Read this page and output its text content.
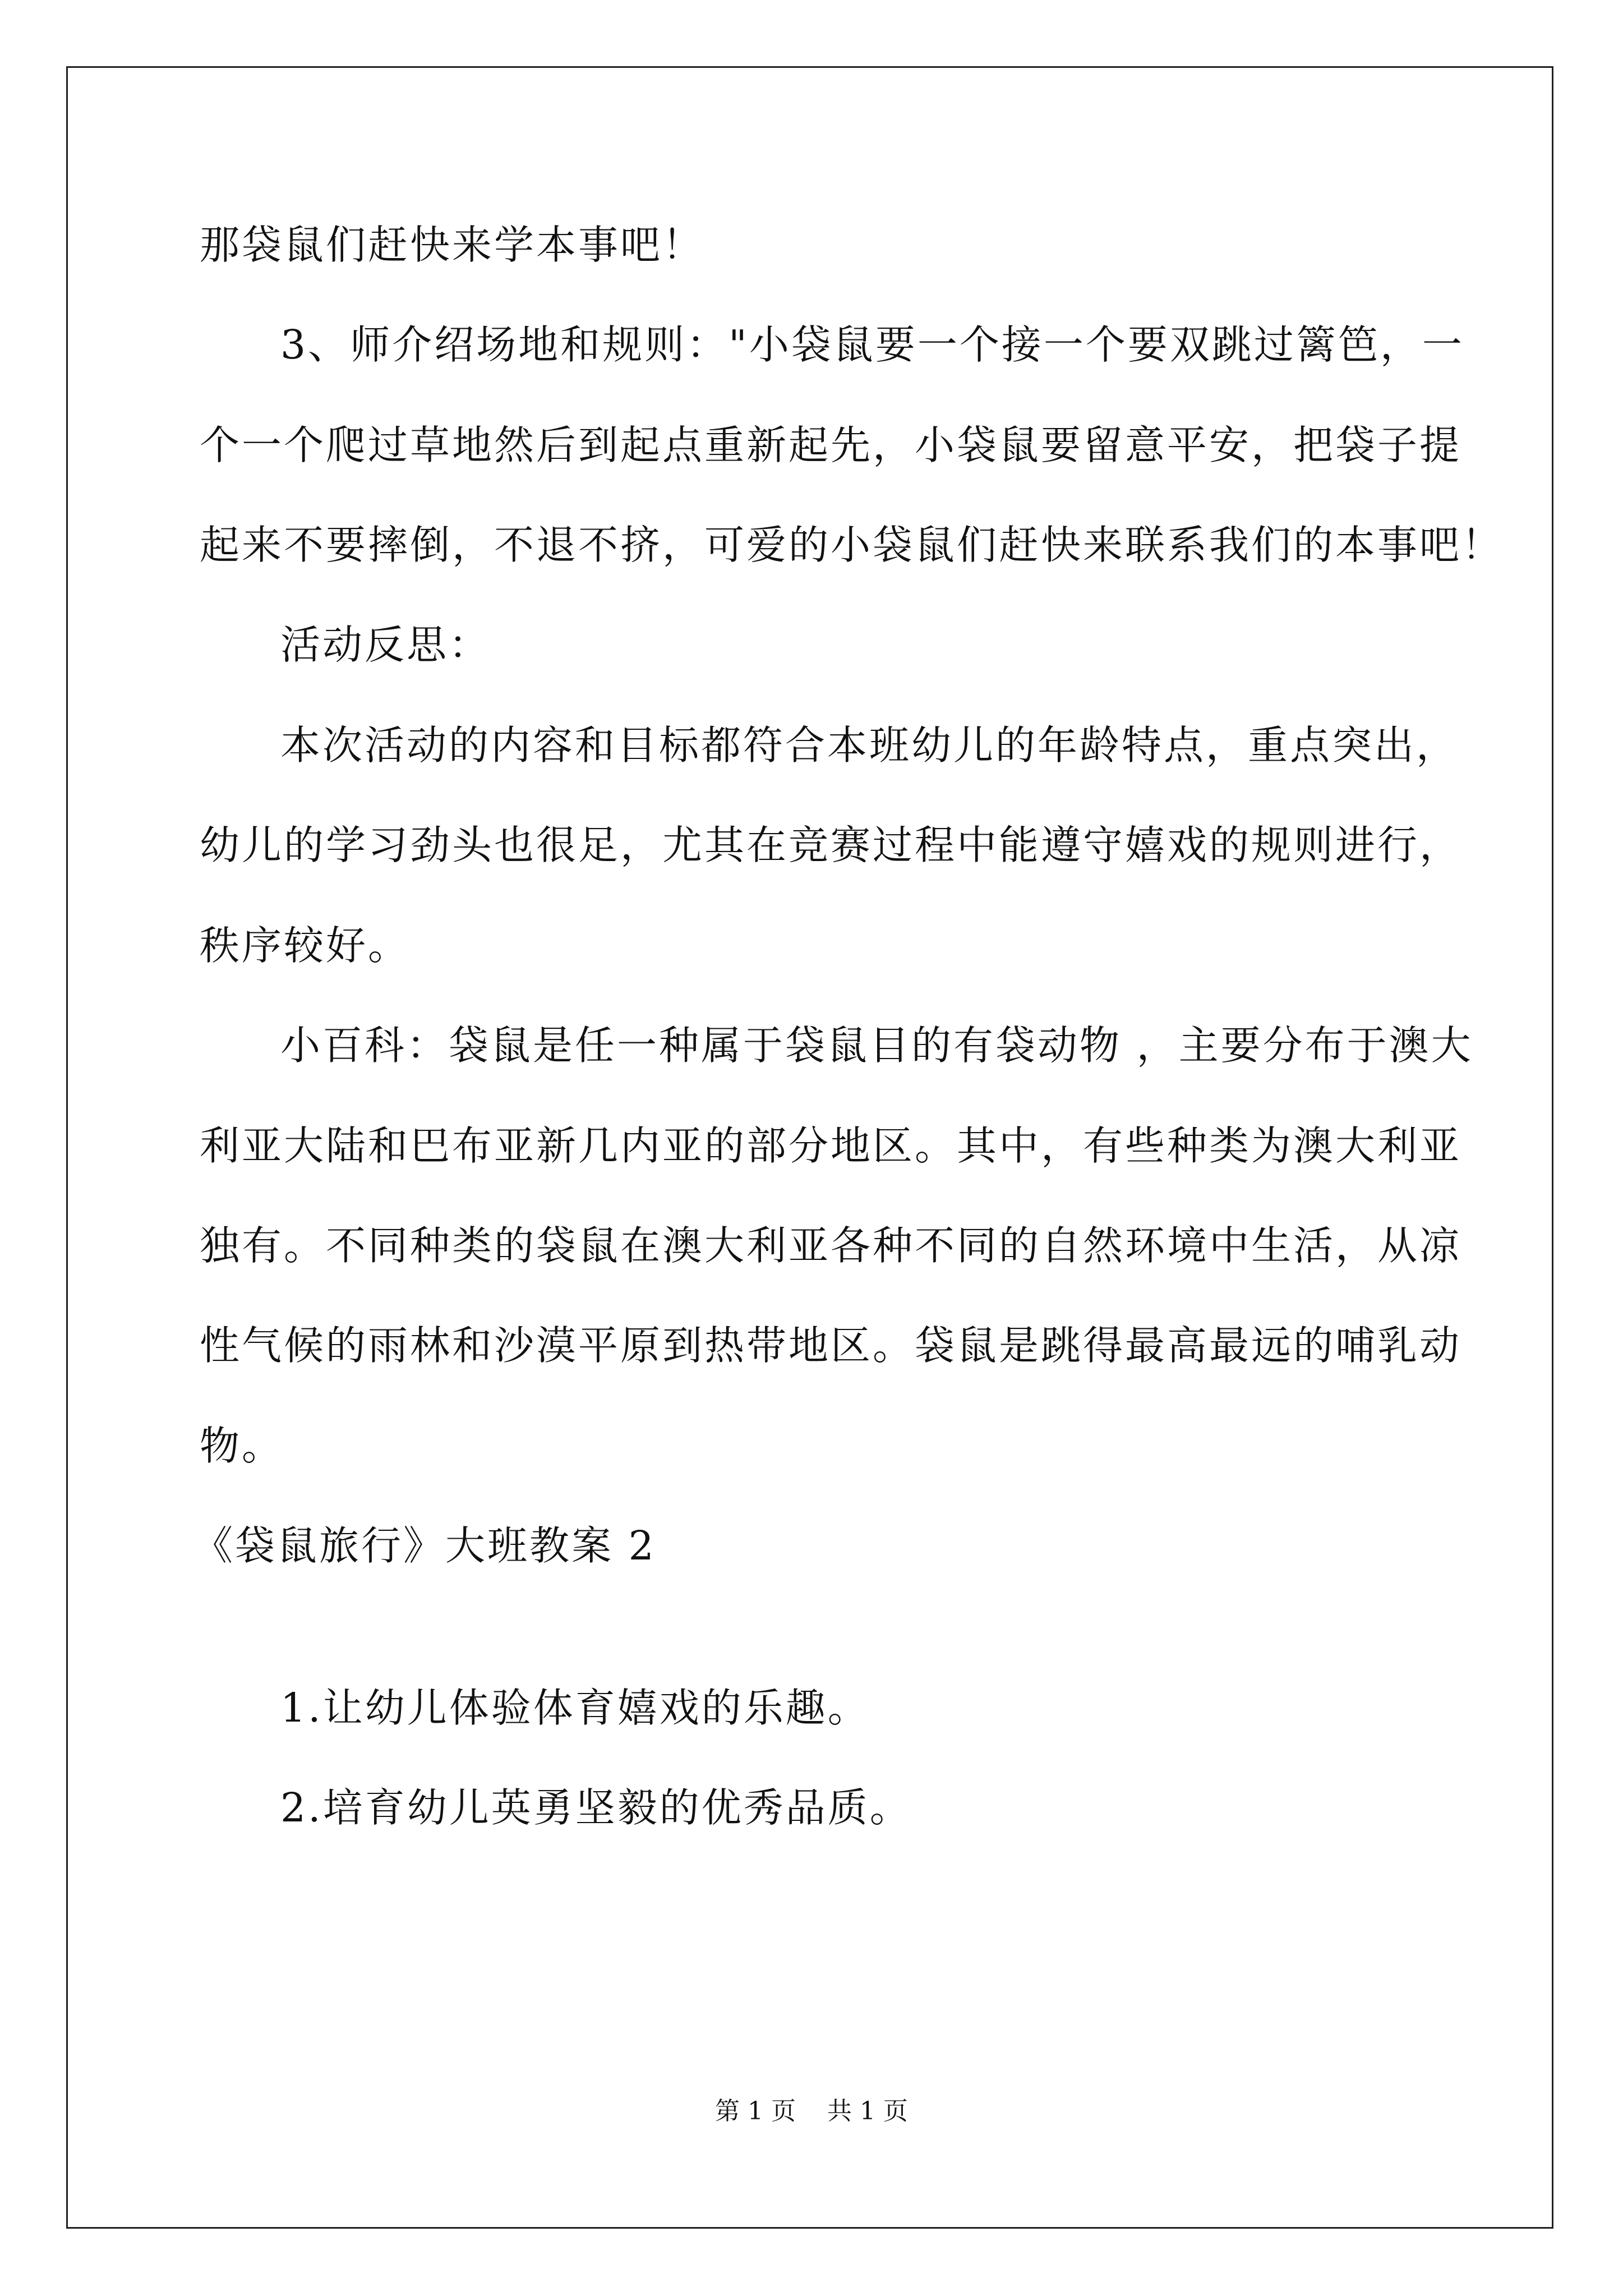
那袋鼠们赶快来学本事吧！
3、师介绍场地和规则："小袋鼠要一个接一个要双跳过篱笆，一
个一个爬过草地然后到起点重新起先，小袋鼠要留意平安，把袋子提
起来不要摔倒，不退不挤，可爱的小袋鼠们赶快来联系我们的本事吧！
活动反思：
本次活动的内容和目标都符合本班幼儿的年龄特点，重点突出，
幼儿的学习劲头也很足，尤其在竞赛过程中能遵守嬉戏的规则进行，
秩序较好。
小百科：袋鼠是任一种属于袋鼠目的有袋动物 ，主要分布于澳大
利亚大陆和巴布亚新几内亚的部分地区。其中，有些种类为澳大利亚
独有。不同种类的袋鼠在澳大利亚各种不同的自然环境中生活，从凉
性气候的雨林和沙漠平原到热带地区。袋鼠是跳得最高最远的哺乳动
物。
《袋鼠旅行》大班教案 2
1.让幼儿体验体育嬉戏的乐趣。
2.培育幼儿英勇坚毅的优秀品质。
第 1 页    共 1 页
